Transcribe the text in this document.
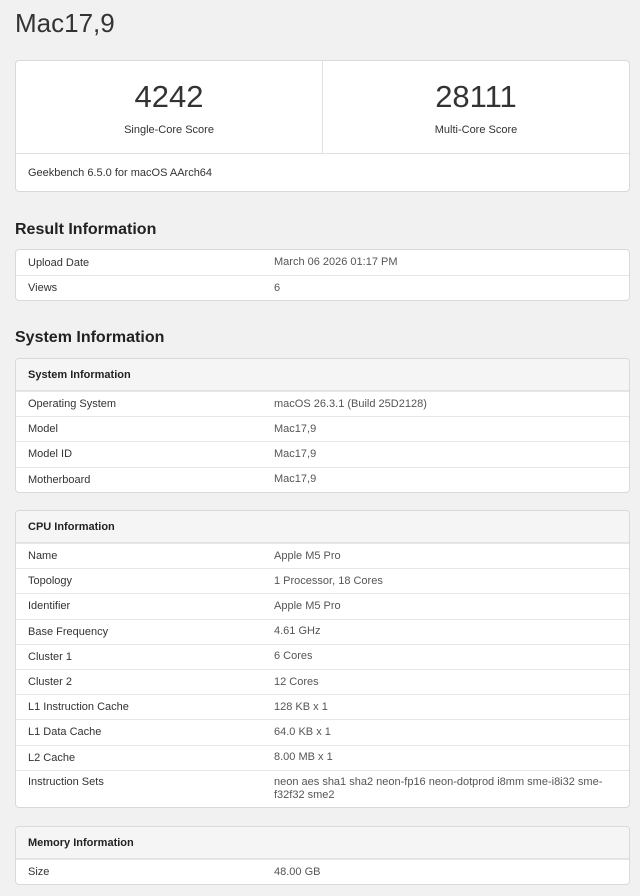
Mac17,9
4242
Single-Core Score
28111
Multi-Core Score
Geekbench 6.5.0 for macOS AArch64
Result Information
Upload Date	March 06 2026 01:17 PM
Views	6
System Information
System Information
Operating System	macOS 26.3.1 (Build 25D2128)
Model	Mac17,9
Model ID	Mac17,9
Motherboard	Mac17,9
CPU Information
Name	Apple M5 Pro
Topology	1 Processor, 18 Cores
Identifier	Apple M5 Pro
Base Frequency	4.61 GHz
Cluster 1	6 Cores
Cluster 2	12 Cores
L1 Instruction Cache	128 KB x 1
L1 Data Cache	64.0 KB x 1
L2 Cache	8.00 MB x 1
Instruction Sets	neon aes sha1 sha2 neon-fp16 neon-dotprod i8mm sme-i8i32 sme-f32f32 sme2
Memory Information
Size	48.00 GB
